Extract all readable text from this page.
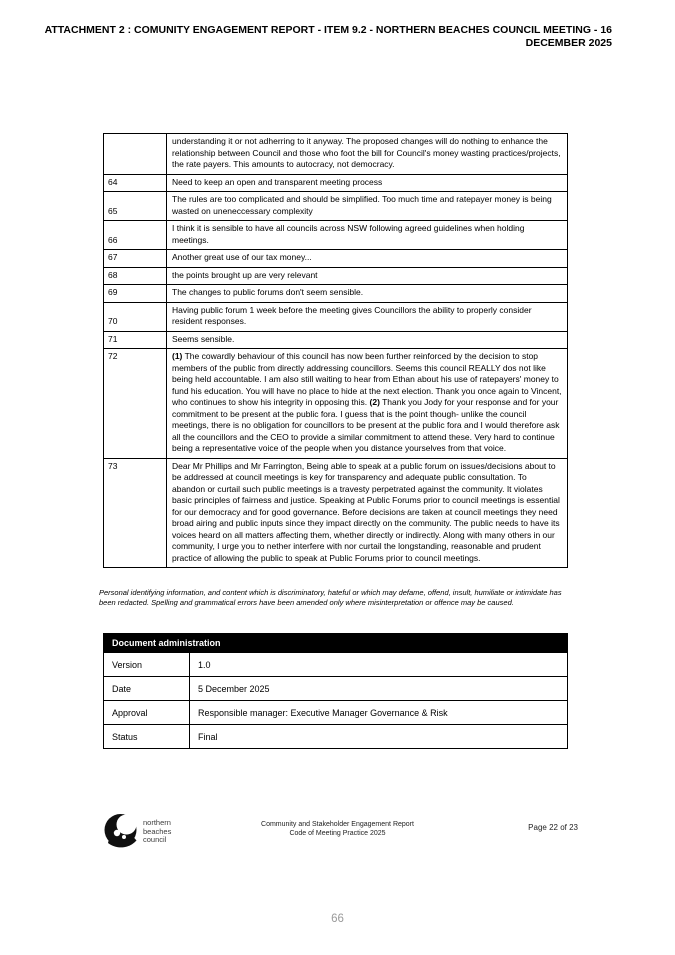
ATTACHMENT 2 : COMUNITY ENGAGEMENT REPORT - ITEM 9.2 - NORTHERN BEACHES COUNCIL MEETING - 16
DECEMBER 2025
	understanding it or not adherring to it anyway. The proposed changes will do nothing to enhance the relationship between Council and those who foot the bill for Council's money wasting practices/projects, the rate payers. This amounts to autocracy, not democracy.
64	Need to keep an open and transparent meeting process
65	The rules are too complicated and should be simplified. Too much time and ratepayer money is being wasted on uneneccessary complexity
66	I think it is sensible to have all councils across NSW following agreed guidelines when holding meetings.
67	Another great use of our tax money...
68	the points brought up are very relevant
69	The changes to public forums don't seem sensible.
70	Having public forum 1 week before the meeting gives Councillors the ability to properly consider resident responses.
71	Seems sensible.
72	(1) The cowardly behaviour of this council has now been further reinforced by the decision to stop members of the public from directly addressing councillors. Seems this council REALLY dos not like being held accountable. I am also still waiting to hear from Ethan about his use of ratepayers' money to fund his education. You will have no place to hide at the next election. Thank you once again to Vincent, who continues to show his integrity in opposing this. (2) Thank you Jody for your response and for your commitment to be present at the public fora. I guess that is the point though- unlike the council meetings, there is no obligation for councillors to be present at the public fora and I would therefore ask all the councillors and the CEO to provide a similar commitment to attend these. Very hard to continue being a representative voice of the people when you distance yourselves from that voice.
73	Dear Mr Phillips and Mr Farrington, Being able to speak at a public forum on issues/decisions about to be addressed at council meetings is key for transparency and adequate public consultation. To abandon or curtail such public meetings is a travesty perpetrated against the community. It violates basic principles of fairness and justice. Speaking at Public Forums prior to council meetings is essential for our democracy and for good governance. Before decisions are taken at council meetings they need broad airing and public inputs since they impact directly on the community. The public needs to have its voices heard on all matters affecting them, whether directly or indirectly. Along with many others in our community, I urge you to nether interfere with nor curtail the longstanding, reasonable and prudent practice of allowing the public to speak at Public Forums prior to council meetings.

Personal identifying information, and content which is discriminatory, hateful or which may defame, offend, insult, humiliate or intimidate has been redacted. Spelling and grammatical errors have been amended only where misinterpretation or offence may be caused.

Document administration	
Version	1.0
Date	5 December 2025
Approval	Responsible manager: Executive Manager Governance & Risk
Status	Final
northern
beaches
council
Community and Stakeholder Engagement Report
Code of Meeting Practice 2025
Page 22 of 23
66
